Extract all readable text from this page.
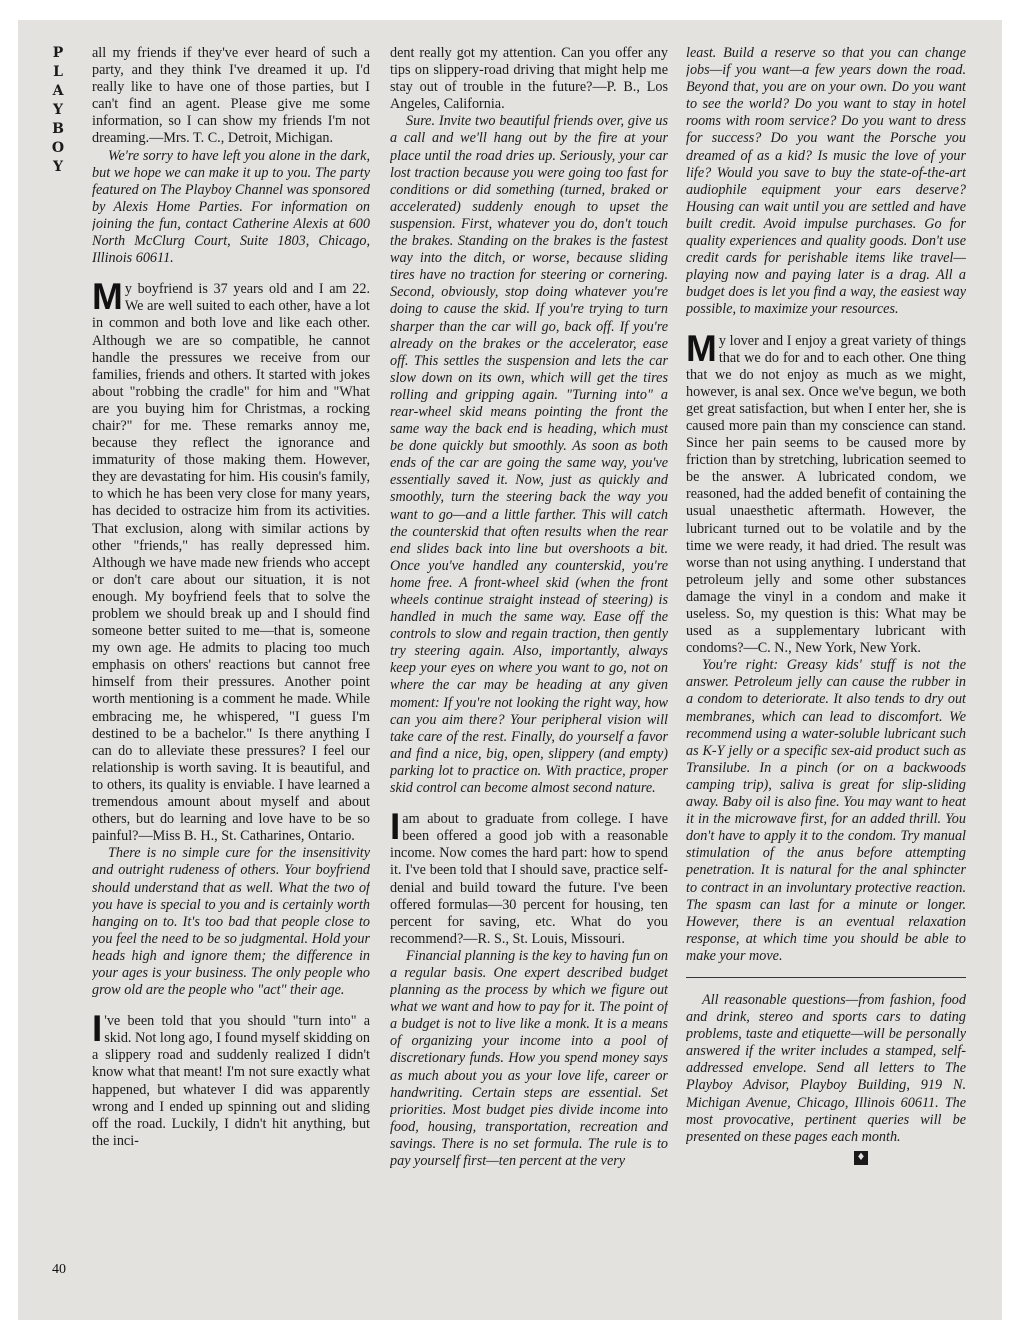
P
L
A
Y
B
O
Y
40

all my friends if they've ever heard of such a party, and they think I've dreamed it up. I'd really like to have one of those parties, but I can't find an agent. Please give me some information, so I can show my friends I'm not dreaming.—Mrs. T. C., Detroit, Michigan.

We're sorry to have left you alone in the dark, but we hope we can make it up to you. The party featured on The Playboy Channel was sponsored by Alexis Home Parties. For information on joining the fun, contact Catherine Alexis at 600 North McClurg Court, Suite 1803, Chicago, Illinois 60611.

My boyfriend is 37 years old and I am 22. We are well suited to each other, have a lot in common and both love and like each other. Although we are so compatible, he cannot handle the pressures we receive from our families, friends and others. It started with jokes about "robbing the cradle" for him and "What are you buying him for Christmas, a rocking chair?" for me. These remarks annoy me, because they reflect the ignorance and immaturity of those making them. However, they are devastating for him. His cousin's family, to which he has been very close for many years, has decided to ostracize him from its activities. That exclusion, along with similar actions by other "friends," has really depressed him. Although we have made new friends who accept or don't care about our situation, it is not enough. My boyfriend feels that to solve the problem we should break up and I should find someone better suited to me—that is, someone my own age. He admits to placing too much emphasis on others' reactions but cannot free himself from their pressures. Another point worth mentioning is a comment he made. While embracing me, he whispered, "I guess I'm destined to be a bachelor." Is there anything I can do to alleviate these pressures? I feel our relationship is worth saving. It is beautiful, and to others, its quality is enviable. I have learned a tremendous amount about myself and about others, but do learning and love have to be so painful?—Miss B. H., St. Catharines, Ontario.

There is no simple cure for the insensitivity and outright rudeness of others. Your boyfriend should understand that as well. What the two of you have is special to you and is certainly worth hanging on to. It's too bad that people close to you feel the need to be so judgmental. Hold your heads high and ignore them; the difference in your ages is your business. The only people who grow old are the people who "act" their age.

I 've been told that you should "turn into" a skid. Not long ago, I found myself skidding on a slippery road and suddenly realized I didn't know what that meant! I'm not sure exactly what happened, but whatever I did was apparently wrong and I ended up spinning out and sliding off the road. Luckily, I didn't hit anything, but the inci-

dent really got my attention. Can you offer any tips on slippery-road driving that might help me stay out of trouble in the future?—P. B., Los Angeles, California.

Sure. Invite two beautiful friends over, give us a call and we'll hang out by the fire at your place until the road dries up. Seriously, your car lost traction because you were going too fast for conditions or did something (turned, braked or accelerated) suddenly enough to upset the suspension. First, whatever you do, don't touch the brakes. Standing on the brakes is the fastest way into the ditch, or worse, because sliding tires have no traction for steering or cornering. Second, obviously, stop doing whatever you're doing to cause the skid. If you're trying to turn sharper than the car will go, back off. If you're already on the brakes or the accelerator, ease off. This settles the suspension and lets the car slow down on its own, which will get the tires rolling and gripping again. "Turning into" a rear-wheel skid means pointing the front the same way the back end is heading, which must be done quickly but smoothly. As soon as both ends of the car are going the same way, you've essentially saved it. Now, just as quickly and smoothly, turn the steering back the way you want to go—and a little farther. This will catch the counterskid that often results when the rear end slides back into line but overshoots a bit. Once you've handled any counterskid, you're home free. A front-wheel skid (when the front wheels continue straight instead of steering) is handled in much the same way. Ease off the controls to slow and regain traction, then gently try steering again. Also, importantly, always keep your eyes on where you want to go, not on where the car may be heading at any given moment: If you're not looking the right way, how can you aim there? Your peripheral vision will take care of the rest. Finally, do yourself a favor and find a nice, big, open, slippery (and empty) parking lot to practice on. With practice, proper skid control can become almost second nature.

I am about to graduate from college. I have been offered a good job with a reasonable income. Now comes the hard part: how to spend it. I've been told that I should save, practice self-denial and build toward the future. I've been offered formulas—30 percent for housing, ten percent for saving, etc. What do you recommend?—R. S., St. Louis, Missouri.

Financial planning is the key to having fun on a regular basis. One expert described budget planning as the process by which we figure out what we want and how to pay for it. The point of a budget is not to live like a monk. It is a means of organizing your income into a pool of discretionary funds. How you spend money says as much about you as your love life, career or handwriting. Certain steps are essential. Set priorities. Most budget pies divide income into food, housing, transportation, recreation and savings. There is no set formula. The rule is to pay yourself first—ten percent at the very

least. Build a reserve so that you can change jobs—if you want—a few years down the road. Beyond that, you are on your own. Do you want to see the world? Do you want to stay in hotel rooms with room service? Do you want to dress for success? Do you want the Porsche you dreamed of as a kid? Is music the love of your life? Would you save to buy the state-of-the-art audiophile equipment your ears deserve? Housing can wait until you are settled and have built credit. Avoid impulse purchases. Go for quality experiences and quality goods. Don't use credit cards for perishable items like travel—playing now and paying later is a drag. All a budget does is let you find a way, the easiest way possible, to maximize your resources.

My lover and I enjoy a great variety of things that we do for and to each other. One thing that we do not enjoy as much as we might, however, is anal sex. Once we've begun, we both get great satisfaction, but when I enter her, she is caused more pain than my conscience can stand. Since her pain seems to be caused more by friction than by stretching, lubrication seemed to be the answer. A lubricated condom, we reasoned, had the added benefit of containing the usual unaesthetic aftermath. However, the lubricant turned out to be volatile and by the time we were ready, it had dried. The result was worse than not using anything. I understand that petroleum jelly and some other substances damage the vinyl in a condom and make it useless. So, my question is this: What may be used as a supplementary lubricant with condoms?—C. N., New York, New York.

You're right: Greasy kids' stuff is not the answer. Petroleum jelly can cause the rubber in a condom to deteriorate. It also tends to dry out membranes, which can lead to discomfort. We recommend using a water-soluble lubricant such as K-Y jelly or a specific sex-aid product such as Transilube. In a pinch (or on a backwoods camping trip), saliva is great for slip-sliding away. Baby oil is also fine. You may want to heat it in the microwave first, for an added thrill. You don't have to apply it to the condom. Try manual stimulation of the anus before attempting penetration. It is natural for the anal sphincter to contract in an involuntary protective reaction. The spasm can last for a minute or longer. However, there is an eventual relaxation response, at which time you should be able to make your move.

All reasonable questions—from fashion, food and drink, stereo and sports cars to dating problems, taste and etiquette—will be personally answered if the writer includes a stamped, self-addressed envelope. Send all letters to The Playboy Advisor, Playboy Building, 919 N. Michigan Avenue, Chicago, Illinois 60611. The most provocative, pertinent queries will be presented on these pages each month.

♦
